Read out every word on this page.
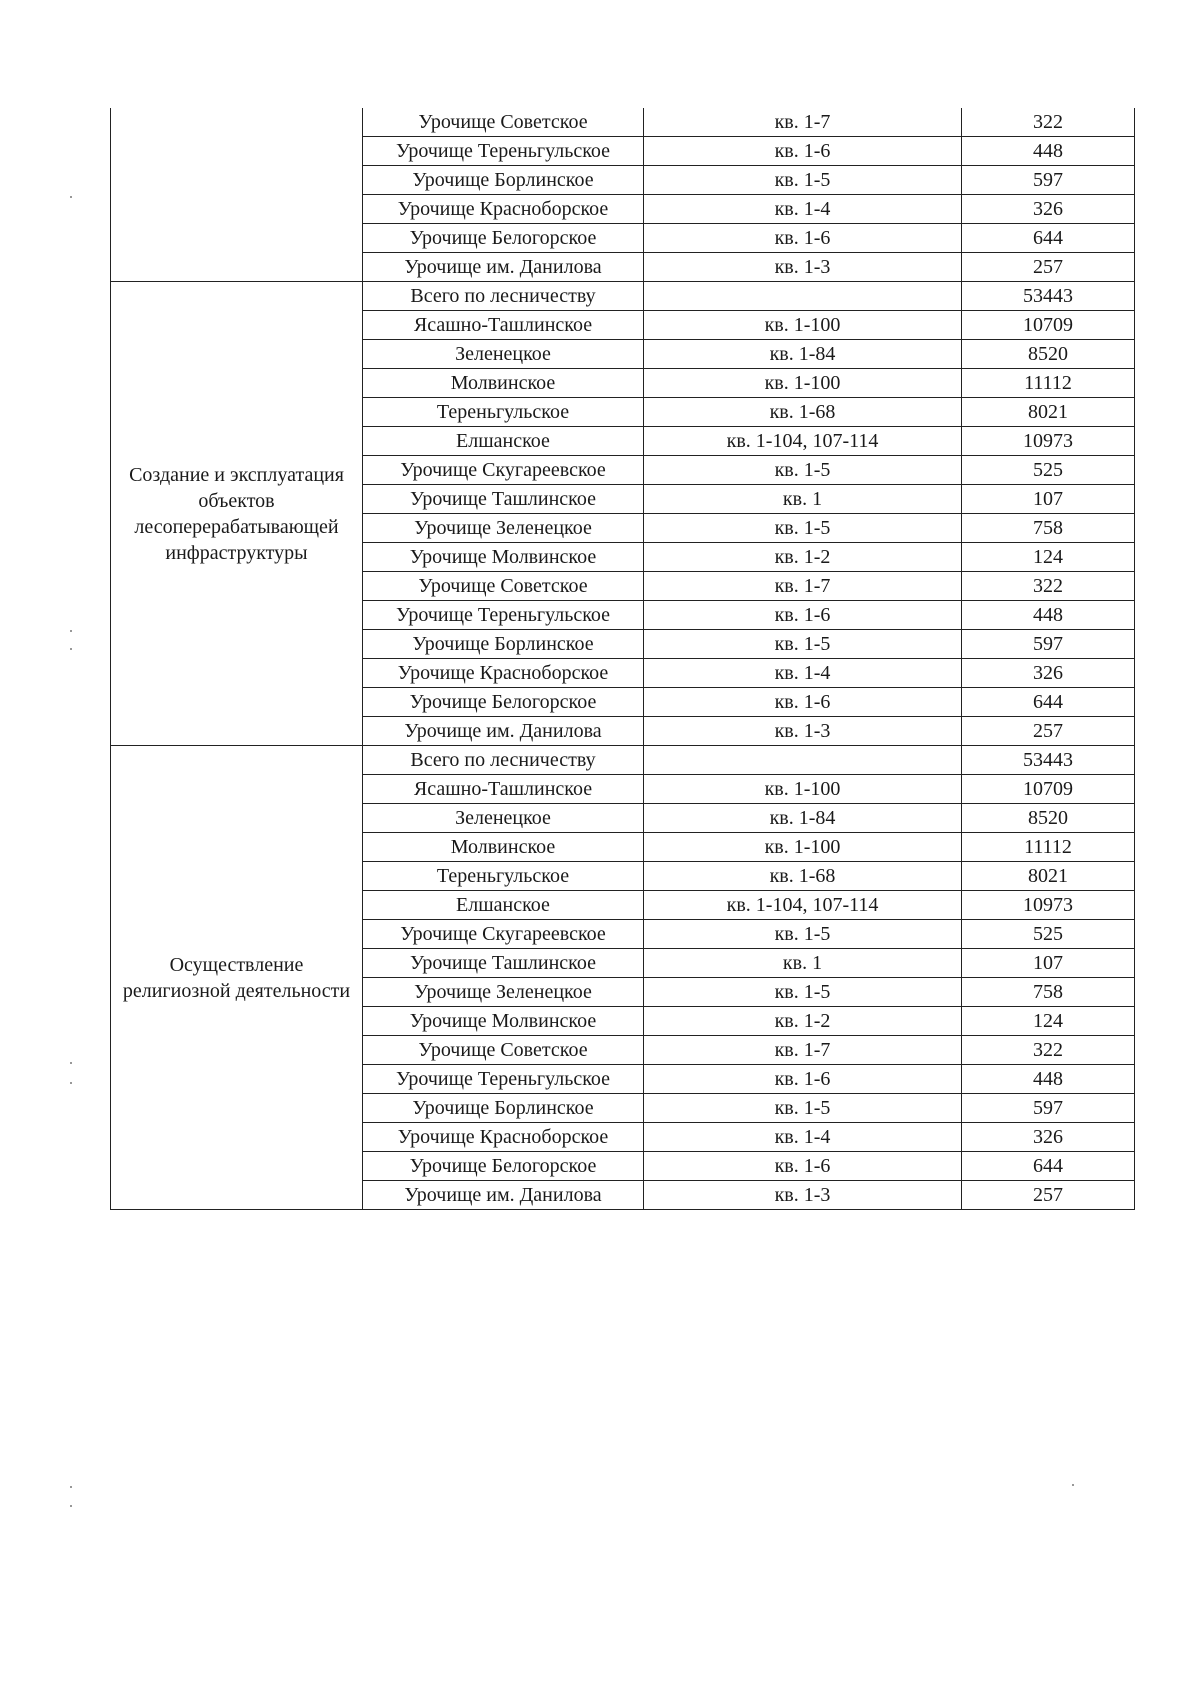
	Урочище Советское	кв. 1-7	322
	Урочище Тереньгульское	кв. 1-6	448
	Урочище Борлинское	кв. 1-5	597
	Урочище Красноборское	кв. 1-4	326
	Урочище Белогорское	кв. 1-6	644
	Урочище им. Данилова	кв. 1-3	257
Создание и эксплуатация объектов лесоперерабатывающей инфраструктуры	Всего по лесничеству		53443
	Ясашно-Ташлинское	кв. 1-100	10709
	Зеленецкое	кв. 1-84	8520
	Молвинское	кв. 1-100	11112
	Тереньгульское	кв. 1-68	8021
	Елшанское	кв. 1-104, 107-114	10973
	Урочище Скугареевское	кв. 1-5	525
	Урочище Ташлинское	кв. 1	107
	Урочище Зеленецкое	кв. 1-5	758
	Урочище Молвинское	кв. 1-2	124
	Урочище Советское	кв. 1-7	322
	Урочище Тереньгульское	кв. 1-6	448
	Урочище Борлинское	кв. 1-5	597
	Урочище Красноборское	кв. 1-4	326
	Урочище Белогорское	кв. 1-6	644
	Урочище им. Данилова	кв. 1-3	257
Осуществление религиозной деятельности	Всего по лесничеству		53443
	Ясашно-Ташлинское	кв. 1-100	10709
	Зеленецкое	кв. 1-84	8520
	Молвинское	кв. 1-100	11112
	Тереньгульское	кв. 1-68	8021
	Елшанское	кв. 1-104, 107-114	10973
	Урочище Скугареевское	кв. 1-5	525
	Урочище Ташлинское	кв. 1	107
	Урочище Зеленецкое	кв. 1-5	758
	Урочище Молвинское	кв. 1-2	124
	Урочище Советское	кв. 1-7	322
	Урочище Тереньгульское	кв. 1-6	448
	Урочище Борлинское	кв. 1-5	597
	Урочище Красноборское	кв. 1-4	326
	Урочище Белогорское	кв. 1-6	644
	Урочище им. Данилова	кв. 1-3	257
